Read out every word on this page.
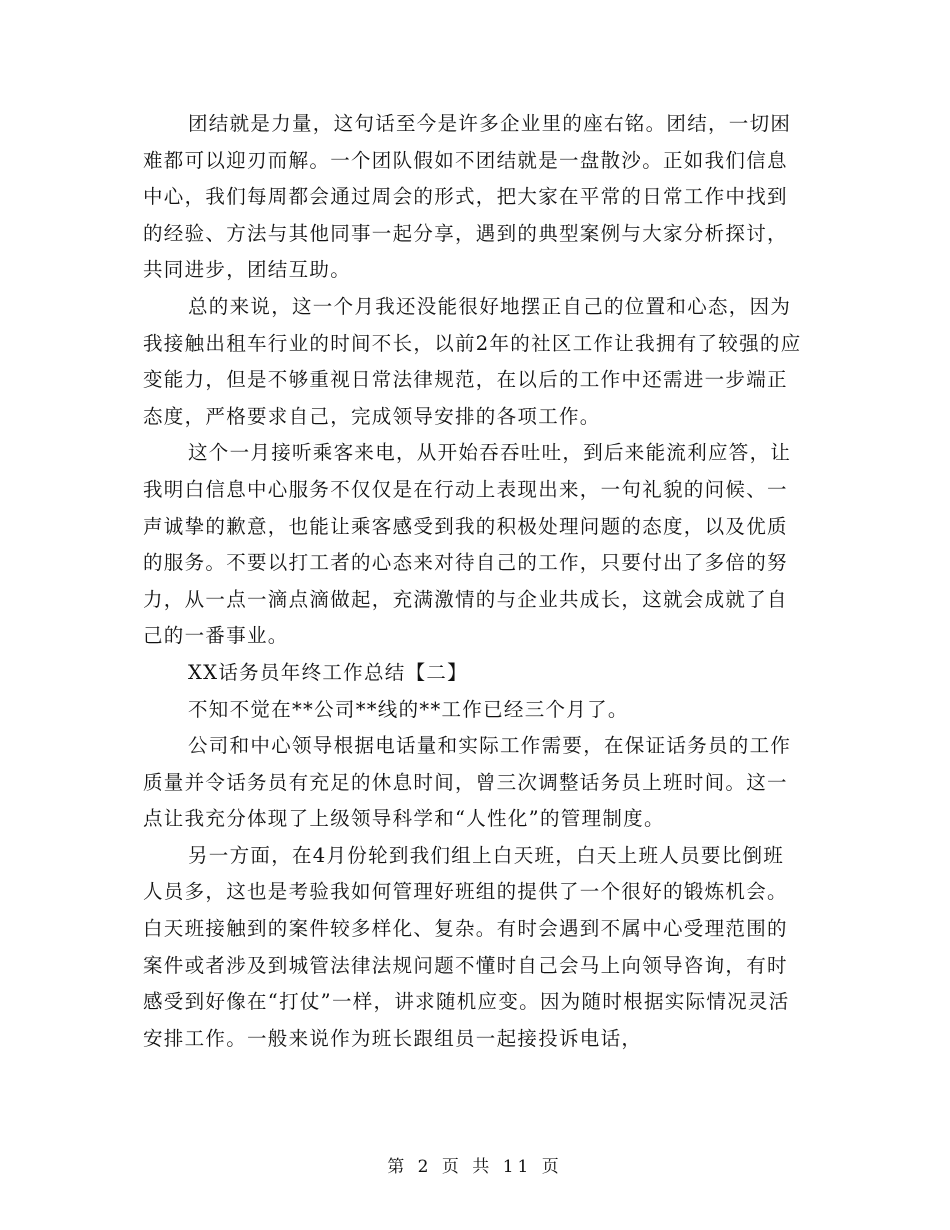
团结就是力量，这句话至今是许多企业里的座右铭。团结，一切困难都可以迎刃而解。一个团队假如不团结就是一盘散沙。正如我们信息中心，我们每周都会通过周会的形式，把大家在平常的日常工作中找到的经验、方法与其他同事一起分享，遇到的典型案例与大家分析探讨，共同进步，团结互助。

总的来说，这一个月我还没能很好地摆正自己的位置和心态，因为我接触出租车行业的时间不长，以前2年的社区工作让我拥有了较强的应变能力，但是不够重视日常法律规范，在以后的工作中还需进一步端正态度，严格要求自己，完成领导安排的各项工作。

这个一月接听乘客来电，从开始吞吞吐吐，到后来能流利应答，让我明白信息中心服务不仅仅是在行动上表现出来，一句礼貌的问候、一声诚挚的歉意，也能让乘客感受到我的积极处理问题的态度，以及优质的服务。不要以打工者的心态来对待自己的工作，只要付出了多倍的努力，从一点一滴点滴做起，充满激情的与企业共成长，这就会成就了自己的一番事业。

XX话务员年终工作总结【二】

不知不觉在**公司**线的**工作已经三个月了。

公司和中心领导根据电话量和实际工作需要，在保证话务员的工作质量并令话务员有充足的休息时间，曾三次调整话务员上班时间。这一点让我充分体现了上级领导科学和“人性化”的管理制度。

另一方面，在4月份轮到我们组上白天班，白天上班人员要比倒班人员多，这也是考验我如何管理好班组的提供了一个很好的锻炼机会。白天班接触到的案件较多样化、复杂。有时会遇到不属中心受理范围的案件或者涉及到城管法律法规问题不懂时自己会马上向领导咨询，有时感受到好像在“打仗”一样，讲求随机应变。因为随时根据实际情况灵活安排工作。一般来说作为班长跟组员一起接投诉电话，

第 2 页 共 11 页
